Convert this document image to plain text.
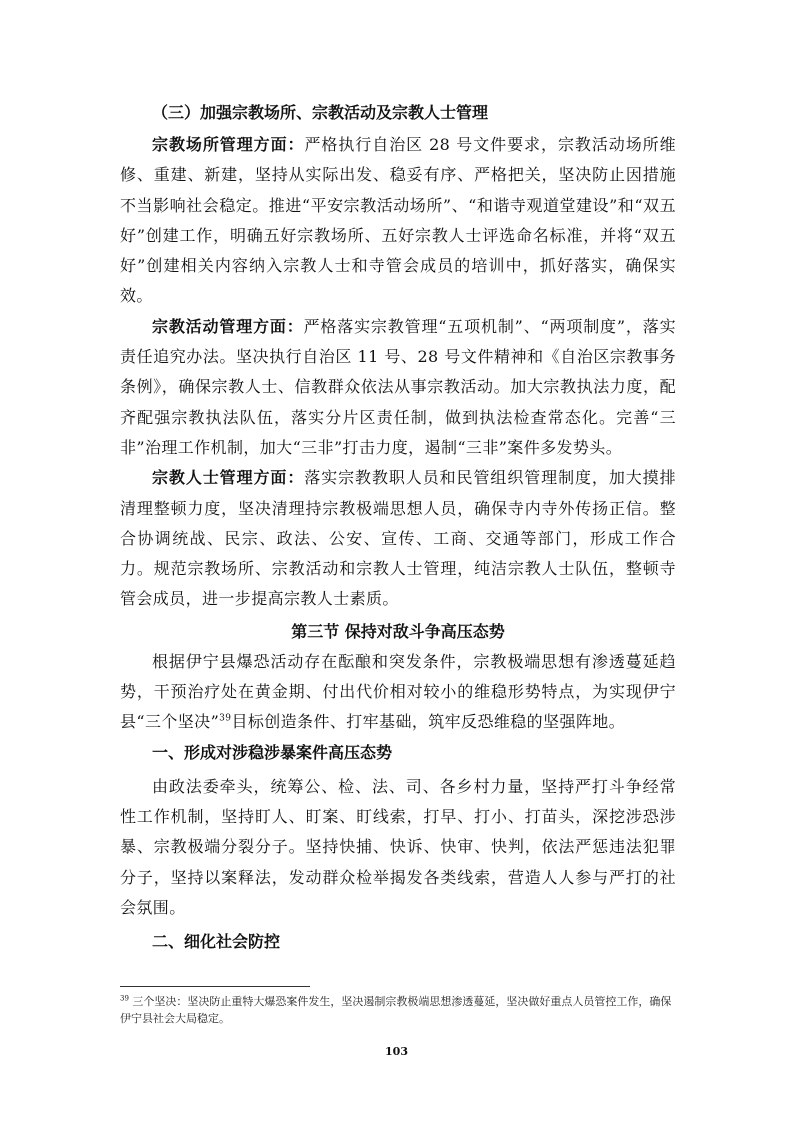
（三）加强宗教场所、宗教活动及宗教人士管理

宗教场所管理方面：严格执行自治区 28 号文件要求，宗教活动场所维修、重建、新建，坚持从实际出发、稳妥有序、严格把关，坚决防止因措施不当影响社会稳定。推进“平安宗教活动场所”、“和谐寺观道堂建设”和“双五好”创建工作，明确五好宗教场所、五好宗教人士评选命名标准，并将“双五好”创建相关内容纳入宗教人士和寺管会成员的培训中，抓好落实，确保实效。

宗教活动管理方面：严格落实宗教管理“五项机制”、“两项制度”，落实责任追究办法。坚决执行自治区 11 号、28 号文件精神和《自治区宗教事务条例》，确保宗教人士、信教群众依法从事宗教活动。加大宗教执法力度，配齐配强宗教执法队伍，落实分片区责任制，做到执法检查常态化。完善“三非”治理工作机制，加大“三非”打击力度，遏制“三非”案件多发势头。

宗教人士管理方面：落实宗教教职人员和民管组织管理制度，加大摸排清理整顿力度，坚决清理持宗教极端思想人员，确保寺内寺外传扬正信。整合协调统战、民宗、政法、公安、宣传、工商、交通等部门，形成工作合力。规范宗教场所、宗教活动和宗教人士管理，纯洁宗教人士队伍，整顿寺管会成员，进一步提高宗教人士素质。

第三节 保持对敌斗争高压态势

根据伊宁县爆恐活动存在酝酿和突发条件，宗教极端思想有渗透蔓延趋势，干预治疗处在黄金期、付出代价相对较小的维稳形势特点，为实现伊宁县“三个坚决”$^{39}$目标创造条件、打牢基础，筑牢反恐维稳的坚强阵地。

一、形成对涉稳涉暴案件高压态势

由政法委牵头，统筹公、检、法、司、各乡村力量，坚持严打斗争经常性工作机制，坚持盯人、盯案、盯线索，打早、打小、打苗头，深挖涉恐涉暴、宗教极端分裂分子。坚持快捕、快诉、快审、快判，依法严惩违法犯罪分子，坚持以案释法，发动群众检举揭发各类线索，营造人人参与严打的社会氛围。

二、细化社会防控

$^{39}$ 三个坚决：坚决防止重特大爆恐案件发生，坚决遏制宗教极端思想渗透蔓延，坚决做好重点人员管控工作，确保伊宁县社会大局稳定。

103
